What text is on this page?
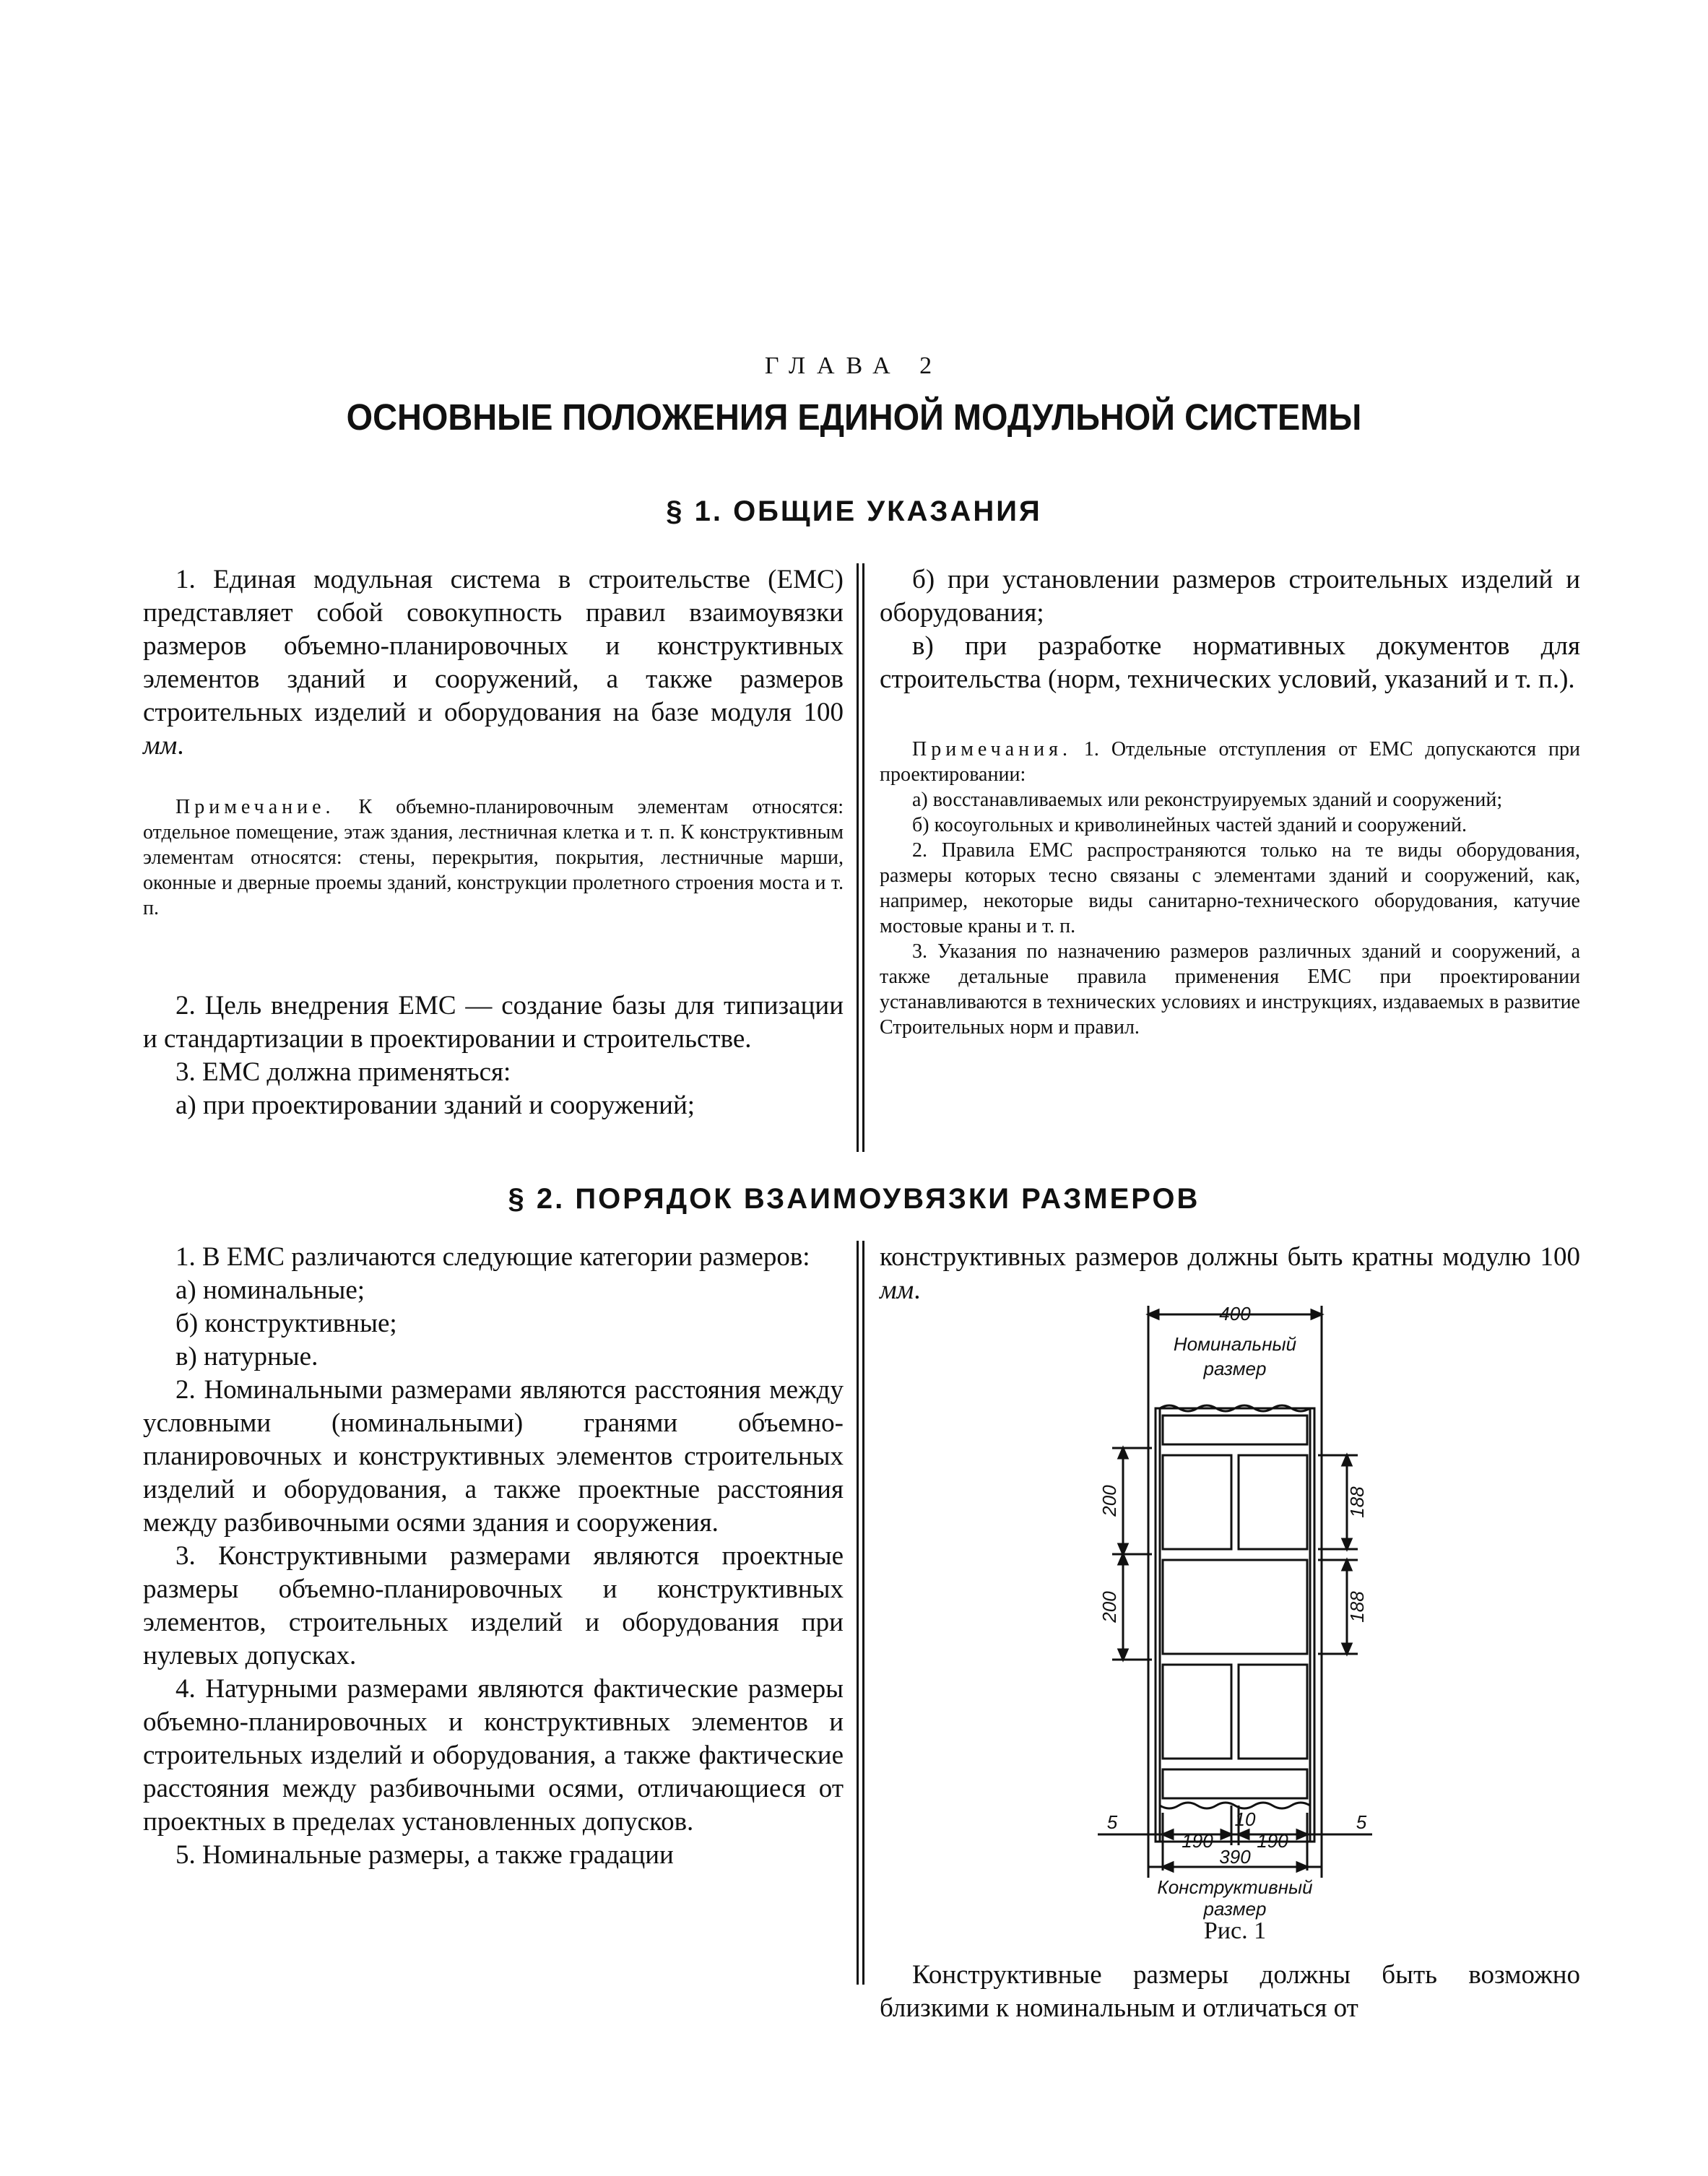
ГЛАВА 2
ОСНОВНЫЕ ПОЛОЖЕНИЯ ЕДИНОЙ МОДУЛЬНОЙ СИСТЕМЫ
§ 1. ОБЩИЕ УКАЗАНИЯ

1. Единая модульная система в строительстве (ЕМС) представляет собой совокупность правил взаимоувязки размеров объемно-планировочных и конструктивных элементов зданий и сооружений, а также размеров строительных изделий и оборудования на базе модуля 100 мм.

Примечание. К объемно-планировочным элементам относятся: отдельное помещение, этаж здания, лестничная клетка и т. п. К конструктивным элементам относятся: стены, перекрытия, покрытия, лестничные марши, оконные и дверные проемы зданий, конструкции пролетного строения моста и т. п.

2. Цель внедрения ЕМС — создание базы для типизации и стандартизации в проектировании и строительстве.

3. ЕМС должна применяться:

а) при проектировании зданий и сооружений;

б) при установлении размеров строительных изделий и оборудования;

в) при разработке нормативных документов для строительства (норм, технических условий, указаний и т. п.).

Примечания. 1. Отдельные отступления от ЕМС допускаются при проектировании:

а) восстанавливаемых или реконструируемых зданий и сооружений;

б) косоугольных и криволинейных частей зданий и сооружений.

2. Правила ЕМС распространяются только на те виды оборудования, размеры которых тесно связаны с элементами зданий и сооружений, как, например, некоторые виды санитарно-технического оборудования, катучие мостовые краны и т. п.

3. Указания по назначению размеров различных зданий и сооружений, а также детальные правила применения ЕМС при проектировании устанавливаются в технических условиях и инструкциях, издаваемых в развитие Строительных норм и правил.

§ 2. ПОРЯДОК ВЗАИМОУВЯЗКИ РАЗМЕРОВ

1. В ЕМС различаются следующие категории размеров:

а) номинальные;

б) конструктивные;

в) натурные.

2. Номинальными размерами являются расстояния между условными (номинальными) гранями объемно-планировочных и конструктивных элементов строительных изделий и оборудования, а также проектные расстояния между разбивочными осями здания и сооружения.

3. Конструктивными размерами являются проектные размеры объемно-планировочных и конструктивных элементов, строительных изделий и оборудования при нулевых допусках.

4. Натурными размерами являются фактические размеры объемно-планировочных и конструктивных элементов и строительных изделий и оборудования, а также фактические расстояния между разбивочными осями, отличающиеся от проектных в пределах установленных допусков.

5. Номинальные размеры, а также градации

конструктивных размеров должны быть кратны модулю 100 мм.

400
Номинальный
размер
200
200
188
188
5	5
190
10
190
390
Конструктивный
размер
Рис. 1

Конструктивные размеры должны быть возможно близкими к номинальным и отличаться от
